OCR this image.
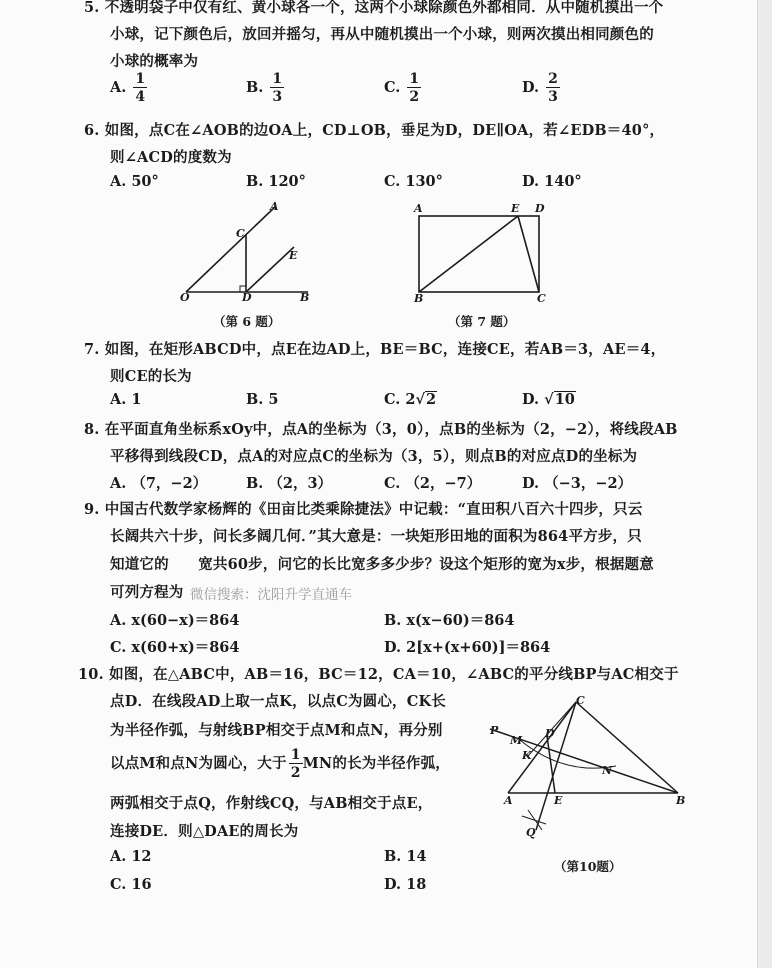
5. 不透明袋子中仅有红、黄小球各一个，这两个小球除颜色外都相同．从中随机摸出一个
小球，记下颜色后，放回并摇匀，再从中随机摸出一个小球，则两次摸出相同颜色的
小球的概率为
A. $\frac{1}{4}$	B. $\frac{1}{3}$	C. $\frac{1}{2}$	D. $\frac{2}{3}$
6. 如图，点C在∠AOB的边OA上，CD⊥OB，垂足为D，DE∥OA，若∠EDB＝40°，
则∠ACD的度数为
A. 50°	B. 120°	C. 130°	D. 140°
A
C
E
O	D	B
（第 6 题）
A	E D
B	C
（第 7 题）
7. 如图，在矩形ABCD中，点E在边AD上，BE＝BC，连接CE，若AB＝3，AE＝4，
则CE的长为
A. 1	B. 5	C. 2√2	D. √10
8. 在平面直角坐标系xOy中，点A的坐标为（3，0），点B的坐标为（2，−2），将线段AB
平移得到线段CD，点A的对应点C的坐标为（3，5），则点B的对应点D的坐标为
A. （7，−2）	B. （2，3）	C. （2，−7）	D. （−3，−2）
9. 中国古代数学家杨辉的《田亩比类乘除捷法》中记载：“直田积八百六十四步，只云
长阔共六十步，问长多阔几何．”其大意是：一块矩形田地的面积为864平方步，只
知道它的　　宽共60步，问它的长比宽多多少步？设这个矩形的宽为x步，根据题意
可列方程为 微信搜索：沈阳升学直通车
A. x(60−x)＝864	B. x(x−60)＝864
C. x(60+x)＝864	D. 2[x+(x+60)]＝864
10. 如图，在△ABC中，AB＝16，BC＝12，CA＝10，∠ABC的平分线BP与AC相交于
点D．在线段AD上取一点K，以点C为圆心，CK长
为半径作弧，与射线BP相交于点M和点N，再分别
以点M和点N为圆心，大于 $\frac{1}{2}$ MN的长为半径作弧，
两弧相交于点Q，作射线CQ，与AB相交于点E，
连接DE．则△DAE的周长为
A. 12	B. 14
C. 16	D. 18
C
P
M
D
K
N
A	E	B
Q
（第10题）
